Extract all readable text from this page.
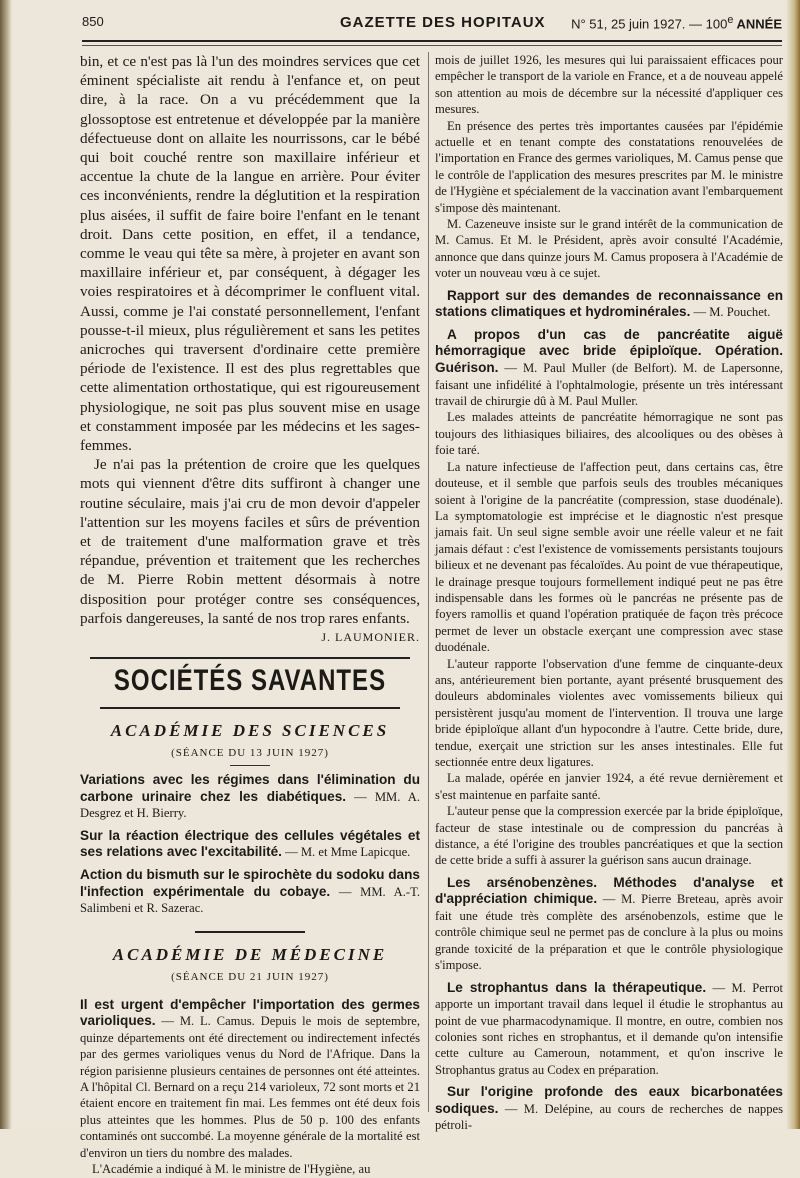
850	GAZETTE DES HOPITAUX N° 51, 25 juin 1927. — 100e ANNÉE

bin, et ce n'est pas là l'un des moindres services que cet éminent spécialiste ait rendu à l'enfance et, on peut dire, à la race. On a vu précédemment que la glossoptose est entretenue et développée par la manière défectueuse dont on allaite les nourrissons, car le bébé qui boit couché rentre son maxillaire inférieur et accentue la chute de la langue en arrière. Pour éviter ces inconvénients, rendre la déglutition et la respiration plus aisées, il suffit de faire boire l'enfant en le tenant droit. Dans cette position, en effet, il a tendance, comme le veau qui tête sa mère, à projeter en avant son maxillaire inférieur et, par conséquent, à dégager les voies respiratoires et à décomprimer le confluent vital. Aussi, comme je l'ai constaté personnellement, l'enfant pousse-t-il mieux, plus régulièrement et sans les petites anicroches qui traversent d'ordinaire cette première période de l'existence. Il est des plus regrettables que cette alimentation orthostatique, qui est rigoureusement physiologique, ne soit pas plus souvent mise en usage et constamment imposée par les médecins et les sages-femmes.

Je n'ai pas la prétention de croire que les quelques mots qui viennent d'être dits suffiront à changer une routine séculaire, mais j'ai cru de mon devoir d'appeler l'attention sur les moyens faciles et sûrs de prévention et de traitement d'une malformation grave et très répandue, prévention et traitement que les recherches de M. Pierre Robin mettent désormais à notre disposition pour protéger contre ses conséquences, parfois dangereuses, la santé de nos trop rares enfants.

J. LAUMONIER.

SOCIÉTÉS SAVANTES
ACADÉMIE DES SCIENCES
(SÉANCE DU 13 JUIN 1927)

Variations avec les régimes dans l'élimination du carbone urinaire chez les diabétiques. — MM. A. Desgrez et H. Bierry.

Sur la réaction électrique des cellules végétales et ses relations avec l'excitabilité. — M. et Mme Lapicque.

Action du bismuth sur le spirochète du sodoku dans l'infection expérimentale du cobaye. — MM. A.-T. Salimbeni et R. Sazerac.

ACADÉMIE DE MÉDECINE
(SÉANCE DU 21 JUIN 1927)

Il est urgent d'empêcher l'importation des germes varioliques. — M. L. Camus. Depuis le mois de septembre, quinze départements ont été directement ou indirectement infectés par des germes varioliques venus du Nord de l'Afrique. Dans la région parisienne plusieurs centaines de personnes ont été atteintes. A l'hôpital Cl. Bernard on a reçu 214 varioleux, 72 sont morts et 21 étaient encore en traitement fin mai. Les femmes ont été deux fois plus atteintes que les hommes. Plus de 50 p. 100 des enfants contaminés ont succombé. La moyenne générale de la mortalité est d'environ un tiers du nombre des malades.

L'Académie a indiqué à M. le ministre de l'Hygiène, au

mois de juillet 1926, les mesures qui lui paraissaient efficaces pour empêcher le transport de la variole en France, et a de nouveau appelé son attention au mois de décembre sur la nécessité d'appliquer ces mesures.

En présence des pertes très importantes causées par l'épidémie actuelle et en tenant compte des constatations renouvelées de l'importation en France des germes varioliques, M. Camus pense que le contrôle de l'application des mesures prescrites par M. le ministre de l'Hygiène et spécialement de la vaccination avant l'embarquement s'impose dès maintenant.

M. Cazeneuve insiste sur le grand intérêt de la communication de M. Camus. Et M. le Président, après avoir consulté l'Académie, annonce que dans quinze jours M. Camus proposera à l'Académie de voter un nouveau vœu à ce sujet.

Rapport sur des demandes de reconnaissance en stations climatiques et hydrominérales. — M. Pouchet.

A propos d'un cas de pancréatite aiguë hémorragique avec bride épiploïque. Opération. Guérison. — M. Paul Muller (de Belfort). M. de Lapersonne, faisant une infidélité à l'ophtalmologie, présente un très intéressant travail de chirurgie dû à M. Paul Muller.

Les malades atteints de pancréatite hémorragique ne sont pas toujours des lithiasiques biliaires, des alcooliques ou des obèses à foie taré.

La nature infectieuse de l'affection peut, dans certains cas, être douteuse, et il semble que parfois seuls des troubles mécaniques soient à l'origine de la pancréatite (compression, stase duodénale). La symptomatologie est imprécise et le diagnostic n'est presque jamais fait. Un seul signe semble avoir une réelle valeur et ne fait jamais défaut : c'est l'existence de vomissements persistants toujours bilieux et ne devenant pas fécaloïdes. Au point de vue thérapeutique, le drainage presque toujours formellement indiqué peut ne pas être indispensable dans les formes où le pancréas ne présente pas de foyers ramollis et quand l'opération pratiquée de façon très précoce permet de lever un obstacle exerçant une compression avec stase duodénale.

L'auteur rapporte l'observation d'une femme de cinquante-deux ans, antérieurement bien portante, ayant présenté brusquement des douleurs abdominales violentes avec vomissements bilieux qui persistèrent jusqu'au moment de l'intervention. Il trouva une large bride épiploïque allant d'un hypocondre à l'autre. Cette bride, dure, tendue, exerçait une striction sur les anses intestinales. Elle fut sectionnée entre deux ligatures.

La malade, opérée en janvier 1924, a été revue dernièrement et s'est maintenue en parfaite santé.

L'auteur pense que la compression exercée par la bride épiploïque, facteur de stase intestinale ou de compression du pancréas à distance, a été l'origine des troubles pancréatiques et que la section de cette bride a suffi à assurer la guérison sans aucun drainage.

Les arsénobenzènes. Méthodes d'analyse et d'appréciation chimique. — M. Pierre Breteau, après avoir fait une étude très complète des arsénobenzols, estime que le contrôle chimique seul ne permet pas de conclure à la plus ou moins grande toxicité de la préparation et que le contrôle physiologique s'impose.

Le strophantus dans la thérapeutique. — M. Perrot apporte un important travail dans lequel il étudie le strophantus au point de vue pharmacodynamique. Il montre, en outre, combien nos colonies sont riches en strophantus, et il demande qu'on intensifie cette culture au Cameroun, notamment, et qu'on inscrive le Strophantus gratus au Codex en préparation.

Sur l'origine profonde des eaux bicarbonatées sodiques. — M. Delépine, au cours de recherches de nappes pétroli-
